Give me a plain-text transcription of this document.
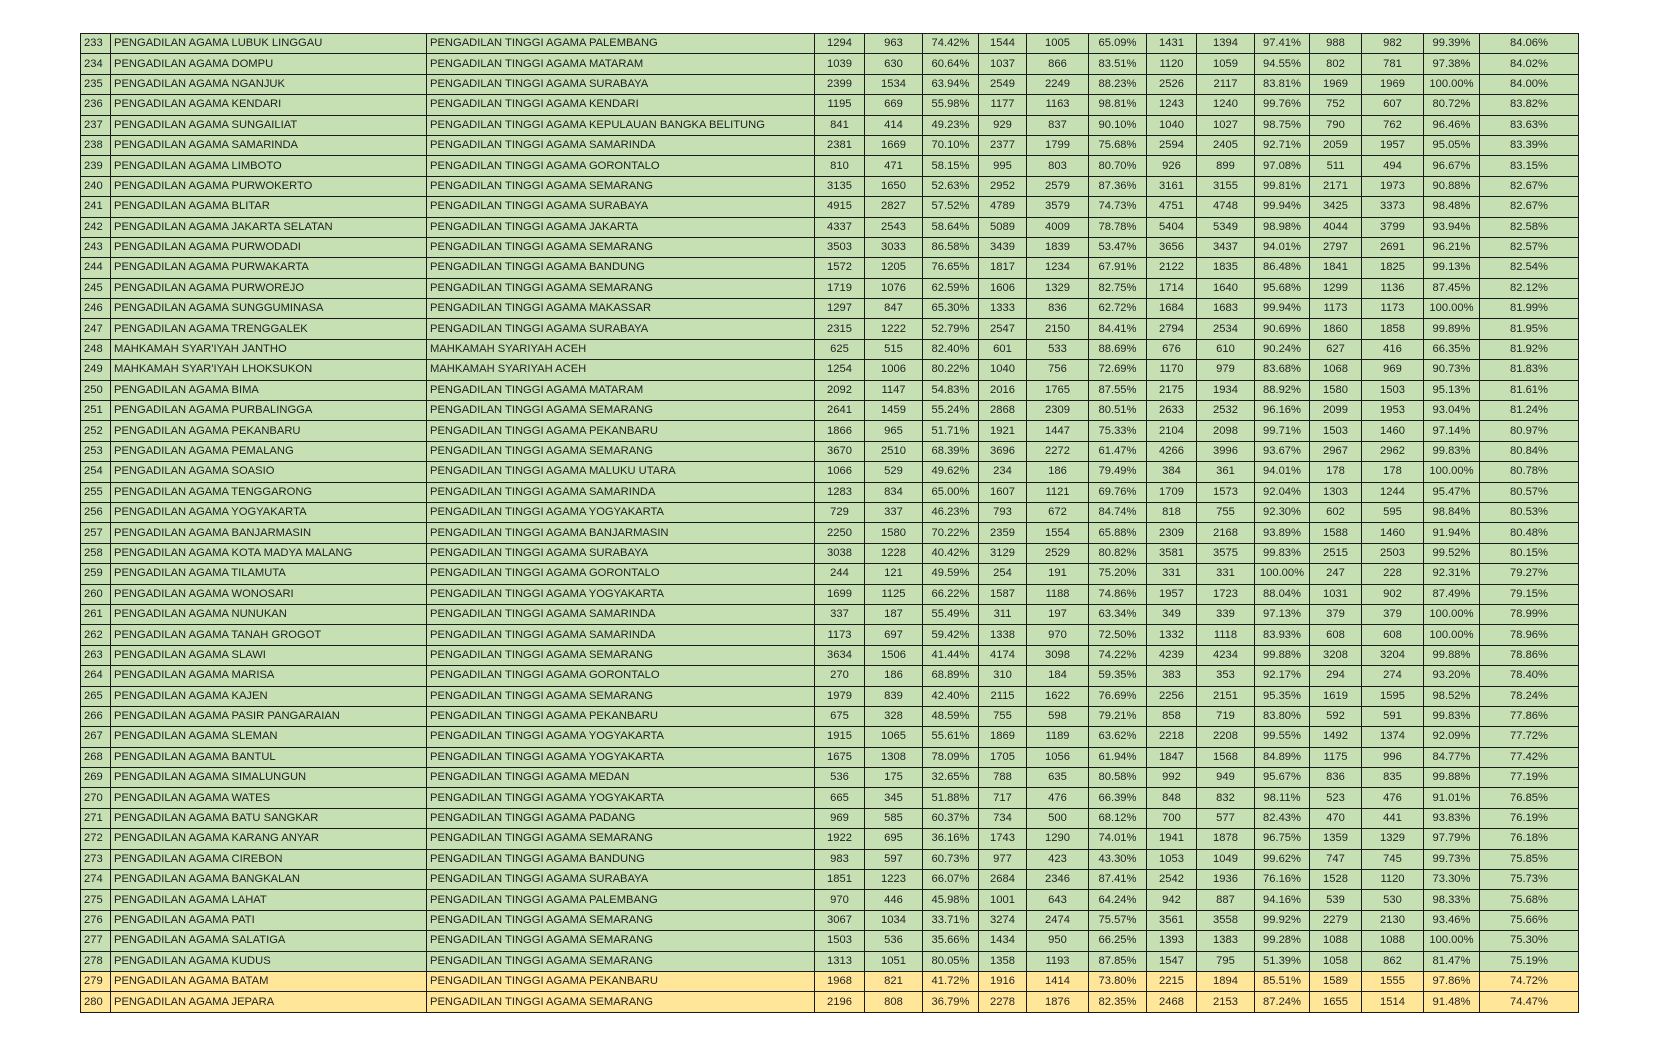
233	PENGADILAN AGAMA LUBUK LINGGAU	PENGADILAN TINGGI AGAMA PALEMBANG	1294	963	74.42%	1544	1005	65.09%	1431	1394	97.41%	988	982	99.39%	84.06%
234	PENGADILAN AGAMA DOMPU	PENGADILAN TINGGI AGAMA MATARAM	1039	630	60.64%	1037	866	83.51%	1120	1059	94.55%	802	781	97.38%	84.02%
235	PENGADILAN AGAMA NGANJUK	PENGADILAN TINGGI AGAMA SURABAYA	2399	1534	63.94%	2549	2249	88.23%	2526	2117	83.81%	1969	1969	100.00%	84.00%
236	PENGADILAN AGAMA KENDARI	PENGADILAN TINGGI AGAMA KENDARI	1195	669	55.98%	1177	1163	98.81%	1243	1240	99.76%	752	607	80.72%	83.82%
237	PENGADILAN AGAMA SUNGAILIAT	PENGADILAN TINGGI AGAMA KEPULAUAN BANGKA BELITUNG	841	414	49.23%	929	837	90.10%	1040	1027	98.75%	790	762	96.46%	83.63%
238	PENGADILAN AGAMA SAMARINDA	PENGADILAN TINGGI AGAMA SAMARINDA	2381	1669	70.10%	2377	1799	75.68%	2594	2405	92.71%	2059	1957	95.05%	83.39%
239	PENGADILAN AGAMA LIMBOTO	PENGADILAN TINGGI AGAMA GORONTALO	810	471	58.15%	995	803	80.70%	926	899	97.08%	511	494	96.67%	83.15%
240	PENGADILAN AGAMA PURWOKERTO	PENGADILAN TINGGI AGAMA SEMARANG	3135	1650	52.63%	2952	2579	87.36%	3161	3155	99.81%	2171	1973	90.88%	82.67%
241	PENGADILAN AGAMA BLITAR	PENGADILAN TINGGI AGAMA SURABAYA	4915	2827	57.52%	4789	3579	74.73%	4751	4748	99.94%	3425	3373	98.48%	82.67%
242	PENGADILAN AGAMA JAKARTA SELATAN	PENGADILAN TINGGI AGAMA JAKARTA	4337	2543	58.64%	5089	4009	78.78%	5404	5349	98.98%	4044	3799	93.94%	82.58%
243	PENGADILAN AGAMA PURWODADI	PENGADILAN TINGGI AGAMA SEMARANG	3503	3033	86.58%	3439	1839	53.47%	3656	3437	94.01%	2797	2691	96.21%	82.57%
244	PENGADILAN AGAMA PURWAKARTA	PENGADILAN TINGGI AGAMA BANDUNG	1572	1205	76.65%	1817	1234	67.91%	2122	1835	86.48%	1841	1825	99.13%	82.54%
245	PENGADILAN AGAMA PURWOREJO	PENGADILAN TINGGI AGAMA SEMARANG	1719	1076	62.59%	1606	1329	82.75%	1714	1640	95.68%	1299	1136	87.45%	82.12%
246	PENGADILAN AGAMA SUNGGUMINASA	PENGADILAN TINGGI AGAMA MAKASSAR	1297	847	65.30%	1333	836	62.72%	1684	1683	99.94%	1173	1173	100.00%	81.99%
247	PENGADILAN AGAMA TRENGGALEK	PENGADILAN TINGGI AGAMA SURABAYA	2315	1222	52.79%	2547	2150	84.41%	2794	2534	90.69%	1860	1858	99.89%	81.95%
248	MAHKAMAH SYAR'IYAH JANTHO	MAHKAMAH SYARIYAH ACEH	625	515	82.40%	601	533	88.69%	676	610	90.24%	627	416	66.35%	81.92%
249	MAHKAMAH SYAR'IYAH LHOKSUKON	MAHKAMAH SYARIYAH ACEH	1254	1006	80.22%	1040	756	72.69%	1170	979	83.68%	1068	969	90.73%	81.83%
250	PENGADILAN AGAMA BIMA	PENGADILAN TINGGI AGAMA MATARAM	2092	1147	54.83%	2016	1765	87.55%	2175	1934	88.92%	1580	1503	95.13%	81.61%
251	PENGADILAN AGAMA PURBALINGGA	PENGADILAN TINGGI AGAMA SEMARANG	2641	1459	55.24%	2868	2309	80.51%	2633	2532	96.16%	2099	1953	93.04%	81.24%
252	PENGADILAN AGAMA PEKANBARU	PENGADILAN TINGGI AGAMA PEKANBARU	1866	965	51.71%	1921	1447	75.33%	2104	2098	99.71%	1503	1460	97.14%	80.97%
253	PENGADILAN AGAMA PEMALANG	PENGADILAN TINGGI AGAMA SEMARANG	3670	2510	68.39%	3696	2272	61.47%	4266	3996	93.67%	2967	2962	99.83%	80.84%
254	PENGADILAN AGAMA SOASIO	PENGADILAN TINGGI AGAMA MALUKU UTARA	1066	529	49.62%	234	186	79.49%	384	361	94.01%	178	178	100.00%	80.78%
255	PENGADILAN AGAMA TENGGARONG	PENGADILAN TINGGI AGAMA SAMARINDA	1283	834	65.00%	1607	1121	69.76%	1709	1573	92.04%	1303	1244	95.47%	80.57%
256	PENGADILAN AGAMA YOGYAKARTA	PENGADILAN TINGGI AGAMA YOGYAKARTA	729	337	46.23%	793	672	84.74%	818	755	92.30%	602	595	98.84%	80.53%
257	PENGADILAN AGAMA BANJARMASIN	PENGADILAN TINGGI AGAMA BANJARMASIN	2250	1580	70.22%	2359	1554	65.88%	2309	2168	93.89%	1588	1460	91.94%	80.48%
258	PENGADILAN AGAMA KOTA MADYA MALANG	PENGADILAN TINGGI AGAMA SURABAYA	3038	1228	40.42%	3129	2529	80.82%	3581	3575	99.83%	2515	2503	99.52%	80.15%
259	PENGADILAN AGAMA TILAMUTA	PENGADILAN TINGGI AGAMA GORONTALO	244	121	49.59%	254	191	75.20%	331	331	100.00%	247	228	92.31%	79.27%
260	PENGADILAN AGAMA WONOSARI	PENGADILAN TINGGI AGAMA YOGYAKARTA	1699	1125	66.22%	1587	1188	74.86%	1957	1723	88.04%	1031	902	87.49%	79.15%
261	PENGADILAN AGAMA NUNUKAN	PENGADILAN TINGGI AGAMA SAMARINDA	337	187	55.49%	311	197	63.34%	349	339	97.13%	379	379	100.00%	78.99%
262	PENGADILAN AGAMA TANAH GROGOT	PENGADILAN TINGGI AGAMA SAMARINDA	1173	697	59.42%	1338	970	72.50%	1332	1118	83.93%	608	608	100.00%	78.96%
263	PENGADILAN AGAMA SLAWI	PENGADILAN TINGGI AGAMA SEMARANG	3634	1506	41.44%	4174	3098	74.22%	4239	4234	99.88%	3208	3204	99.88%	78.86%
264	PENGADILAN AGAMA MARISA	PENGADILAN TINGGI AGAMA GORONTALO	270	186	68.89%	310	184	59.35%	383	353	92.17%	294	274	93.20%	78.40%
265	PENGADILAN AGAMA KAJEN	PENGADILAN TINGGI AGAMA SEMARANG	1979	839	42.40%	2115	1622	76.69%	2256	2151	95.35%	1619	1595	98.52%	78.24%
266	PENGADILAN AGAMA PASIR PANGARAIAN	PENGADILAN TINGGI AGAMA PEKANBARU	675	328	48.59%	755	598	79.21%	858	719	83.80%	592	591	99.83%	77.86%
267	PENGADILAN AGAMA SLEMAN	PENGADILAN TINGGI AGAMA YOGYAKARTA	1915	1065	55.61%	1869	1189	63.62%	2218	2208	99.55%	1492	1374	92.09%	77.72%
268	PENGADILAN AGAMA BANTUL	PENGADILAN TINGGI AGAMA YOGYAKARTA	1675	1308	78.09%	1705	1056	61.94%	1847	1568	84.89%	1175	996	84.77%	77.42%
269	PENGADILAN AGAMA SIMALUNGUN	PENGADILAN TINGGI AGAMA MEDAN	536	175	32.65%	788	635	80.58%	992	949	95.67%	836	835	99.88%	77.19%
270	PENGADILAN AGAMA WATES	PENGADILAN TINGGI AGAMA YOGYAKARTA	665	345	51.88%	717	476	66.39%	848	832	98.11%	523	476	91.01%	76.85%
271	PENGADILAN AGAMA BATU SANGKAR	PENGADILAN TINGGI AGAMA PADANG	969	585	60.37%	734	500	68.12%	700	577	82.43%	470	441	93.83%	76.19%
272	PENGADILAN AGAMA KARANG ANYAR	PENGADILAN TINGGI AGAMA SEMARANG	1922	695	36.16%	1743	1290	74.01%	1941	1878	96.75%	1359	1329	97.79%	76.18%
273	PENGADILAN AGAMA CIREBON	PENGADILAN TINGGI AGAMA BANDUNG	983	597	60.73%	977	423	43.30%	1053	1049	99.62%	747	745	99.73%	75.85%
274	PENGADILAN AGAMA BANGKALAN	PENGADILAN TINGGI AGAMA SURABAYA	1851	1223	66.07%	2684	2346	87.41%	2542	1936	76.16%	1528	1120	73.30%	75.73%
275	PENGADILAN AGAMA LAHAT	PENGADILAN TINGGI AGAMA PALEMBANG	970	446	45.98%	1001	643	64.24%	942	887	94.16%	539	530	98.33%	75.68%
276	PENGADILAN AGAMA PATI	PENGADILAN TINGGI AGAMA SEMARANG	3067	1034	33.71%	3274	2474	75.57%	3561	3558	99.92%	2279	2130	93.46%	75.66%
277	PENGADILAN AGAMA SALATIGA	PENGADILAN TINGGI AGAMA SEMARANG	1503	536	35.66%	1434	950	66.25%	1393	1383	99.28%	1088	1088	100.00%	75.30%
278	PENGADILAN AGAMA KUDUS	PENGADILAN TINGGI AGAMA SEMARANG	1313	1051	80.05%	1358	1193	87.85%	1547	795	51.39%	1058	862	81.47%	75.19%
279	PENGADILAN AGAMA BATAM	PENGADILAN TINGGI AGAMA PEKANBARU	1968	821	41.72%	1916	1414	73.80%	2215	1894	85.51%	1589	1555	97.86%	74.72%
280	PENGADILAN AGAMA JEPARA	PENGADILAN TINGGI AGAMA SEMARANG	2196	808	36.79%	2278	1876	82.35%	2468	2153	87.24%	1655	1514	91.48%	74.47%
